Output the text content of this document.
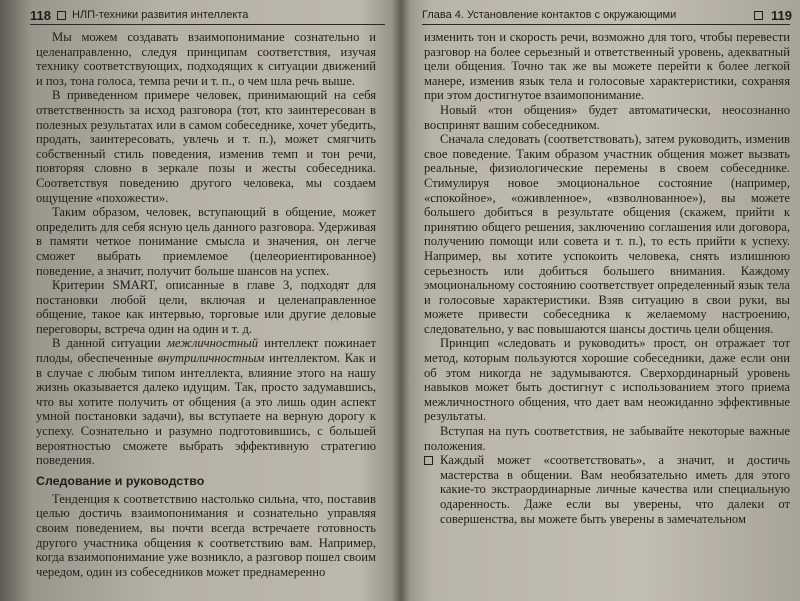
118 НЛП-техники развития интеллекта

Мы можем создавать взаимопонимание сознательно и целенаправленно, следуя принципам соответствия, изучая технику соответствующих, подходящих к ситуации движений и поз, тона голоса, темпа речи и т. п., о чем шла речь выше.

В приведенном примере человек, принимающий на себя ответственность за исход разговора (тот, кто заинтересован в полезных результатах или в самом собеседнике, хочет убедить, продать, заинтересовать, увлечь и т. п.), может смягчить собственный стиль поведения, изменив темп и тон речи, повторяя словно в зеркале позы и жесты собеседника. Соответствуя поведению другого человека, мы создаем ощущение «похожести».

Таким образом, человек, вступающий в общение, может определить для себя ясную цель данного разговора. Удерживая в памяти четкое понимание смысла и значения, он легче сможет выбрать приемлемое (целеориентированное) поведение, а значит, получит больше шансов на успех.

Критерии SMART, описанные в главе 3, подходят для постановки любой цели, включая и целенаправленное общение, такое как интервью, торговые или другие деловые переговоры, встреча один на один и т. д.

В данной ситуации межличностный интеллект пожинает плоды, обеспеченные внутриличностным интеллектом. Как и в случае с любым типом интеллекта, влияние этого на нашу жизнь оказывается далеко идущим. Так, просто задумавшись, что вы хотите получить от общения (а это лишь один аспект умной постановки задачи), вы вступаете на верную дорогу к успеху. Сознательно и разумно подготовившись, с большей вероятностью сможете выбрать эффективную стратегию поведения.

Следование и руководство

Тенденция к соответствию настолько сильна, что, поставив целью достичь взаимопонимания и сознательно управляя своим поведением, вы почти всегда встречаете готовность другого участника общения к соответствию вам. Например, когда взаимопонимание уже возникло, а разговор пошел своим чередом, один из собеседников может преднамеренно

Глава 4. Установление контактов с окружающими	119

изменить тон и скорость речи, возможно для того, чтобы перевести разговор на более серьезный и ответственный уровень, адекватный цели общения. Точно так же вы можете перейти к более легкой манере, изменив язык тела и голосовые характеристики, сохраняя при этом достигнутое взаимопонимание.

Новый «тон общения» будет автоматически, неосознанно воспринят вашим собеседником.

Сначала следовать (соответствовать), затем руководить, изменив свое поведение. Таким образом участник общения может вызвать реальные, физиологические перемены в своем собеседнике. Стимулируя новое эмоциональное состояние (например, «спокойное», «оживленное», «взволнованное»), вы можете большего добиться в результате общения (скажем, прийти к принятию общего решения, заключению соглашения или договора, получению помощи или совета и т. п.), то есть прийти к успеху. Например, вы хотите успокоить человека, снять излишнюю серьезность или добиться большего внимания. Каждому эмоциональному состоянию соответствует определенный язык тела и голосовые характеристики. Взяв ситуацию в свои руки, вы можете привести собеседника к желаемому настроению, следовательно, у вас повышаются шансы достичь цели общения.

Принцип «следовать и руководить» прост, он отражает тот метод, которым пользуются хорошие собеседники, даже если они об этом никогда не задумываются. Сверхординарный уровень навыков может быть достигнут с использованием этого приема межличностного общения, что дает вам неожиданно эффективные результаты.

Вступая на путь соответствия, не забывайте некоторые важные положения.

Каждый может «соответствовать», а значит, и достичь мастерства в общении. Вам необязательно иметь для этого какие-то экстраординарные личные качества или специальную одаренность. Даже если вы уверены, что далеки от совершенства, вы можете быть уверены в замечательном
